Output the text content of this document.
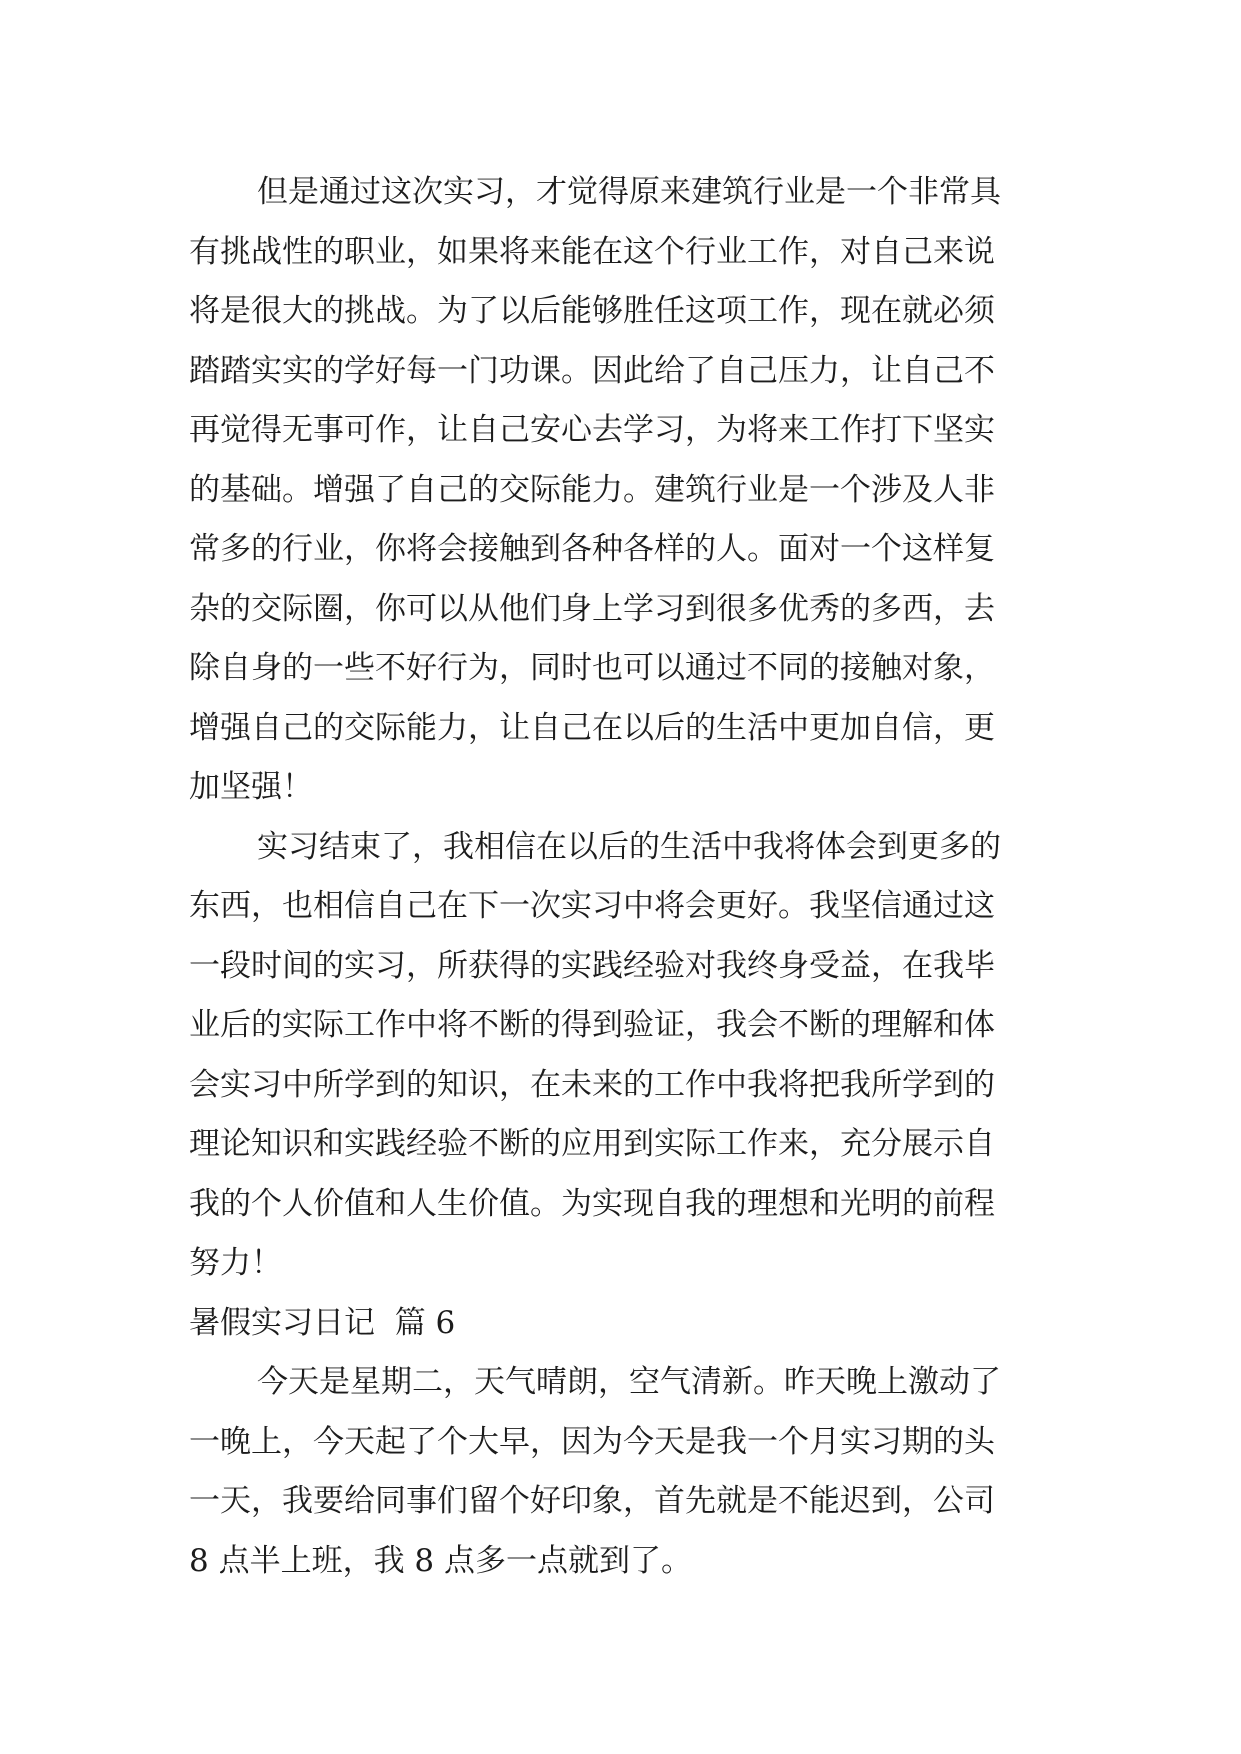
但是通过这次实习，才觉得原来建筑行业是一个非常具
有挑战性的职业，如果将来能在这个行业工作，对自己来说
将是很大的挑战。为了以后能够胜任这项工作，现在就必须
踏踏实实的学好每一门功课。因此给了自己压力，让自己不
再觉得无事可作，让自己安心去学习，为将来工作打下坚实
的基础。增强了自己的交际能力。建筑行业是一个涉及人非
常多的行业，你将会接触到各种各样的人。面对一个这样复
杂的交际圈，你可以从他们身上学习到很多优秀的多西，去
除自身的一些不好行为，同时也可以通过不同的接触对象，
增强自己的交际能力，让自己在以后的生活中更加自信，更
加坚强！
实习结束了，我相信在以后的生活中我将体会到更多的
东西，也相信自己在下一次实习中将会更好。我坚信通过这
一段时间的实习，所获得的实践经验对我终身受益，在我毕
业后的实际工作中将不断的得到验证，我会不断的理解和体
会实习中所学到的知识，在未来的工作中我将把我所学到的
理论知识和实践经验不断的应用到实际工作来，充分展示自
我的个人价值和人生价值。为实现自我的理想和光明的前程
努力！
暑假实习日记  篇 6
今天是星期二，天气晴朗，空气清新。昨天晚上激动了
一晚上，今天起了个大早，因为今天是我一个月实习期的头
一天，我要给同事们留个好印象，首先就是不能迟到，公司
8 点半上班，我 8 点多一点就到了。
